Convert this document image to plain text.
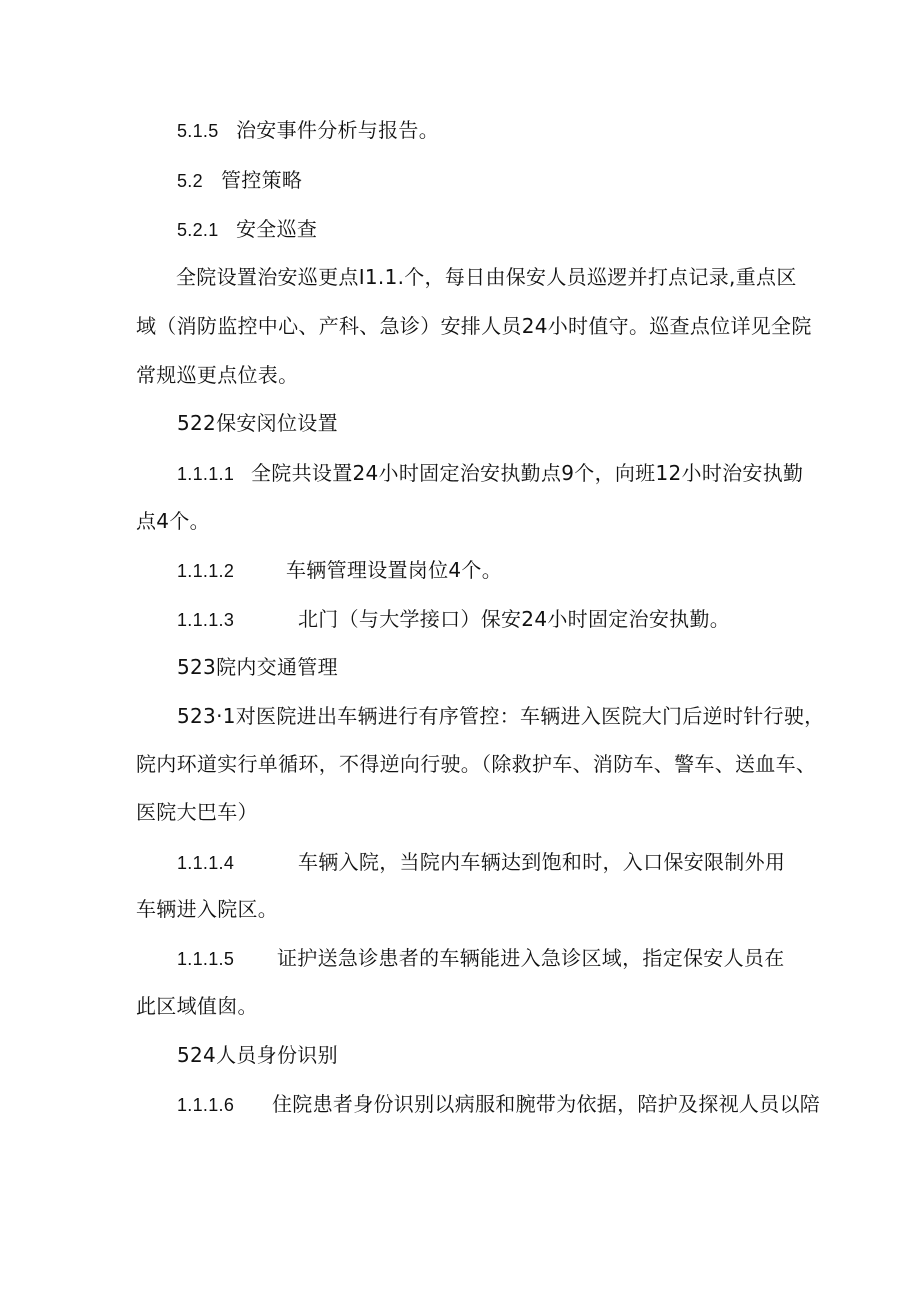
5.1.5 治安事件分析与报告。
5.2 管控策略
5.2.1 安全巡查
全院设置治安巡更点I1.1.个，每日由保安人员巡逻并打点记录,重点区
域（消防监控中心、产科、急诊）安排人员24小时值守。巡查点位详见全院
常规巡更点位表。
522保安闵位设置
1.1.1.1 全院共设置24小时固定治安执勤点9个，向班12小时治安执勤
点4个。
1.1.1.2	车辆管理设置岗位4个。
1.1.1.3	北门（与大学接口）保安24小时固定治安执勤。
523院内交通管理
523·1对医院进出车辆进行有序管控：车辆进入医院大门后逆时针行驶，
院内环道实行单循环，不得逆向行驶。（除救护车、消防车、警车、送血车、
医院大巴车）
1.1.1.4	车辆入院，当院内车辆达到饱和时，入口保安限制外用
车辆进入院区。
1.1.1.5 证护送急诊患者的车辆能进入急诊区域，指定保安人员在
此区域值囱。
524人员身份识别
1.1.1.6 住院患者身份识别以病服和腕带为依据，陪护及探视人员以陪
